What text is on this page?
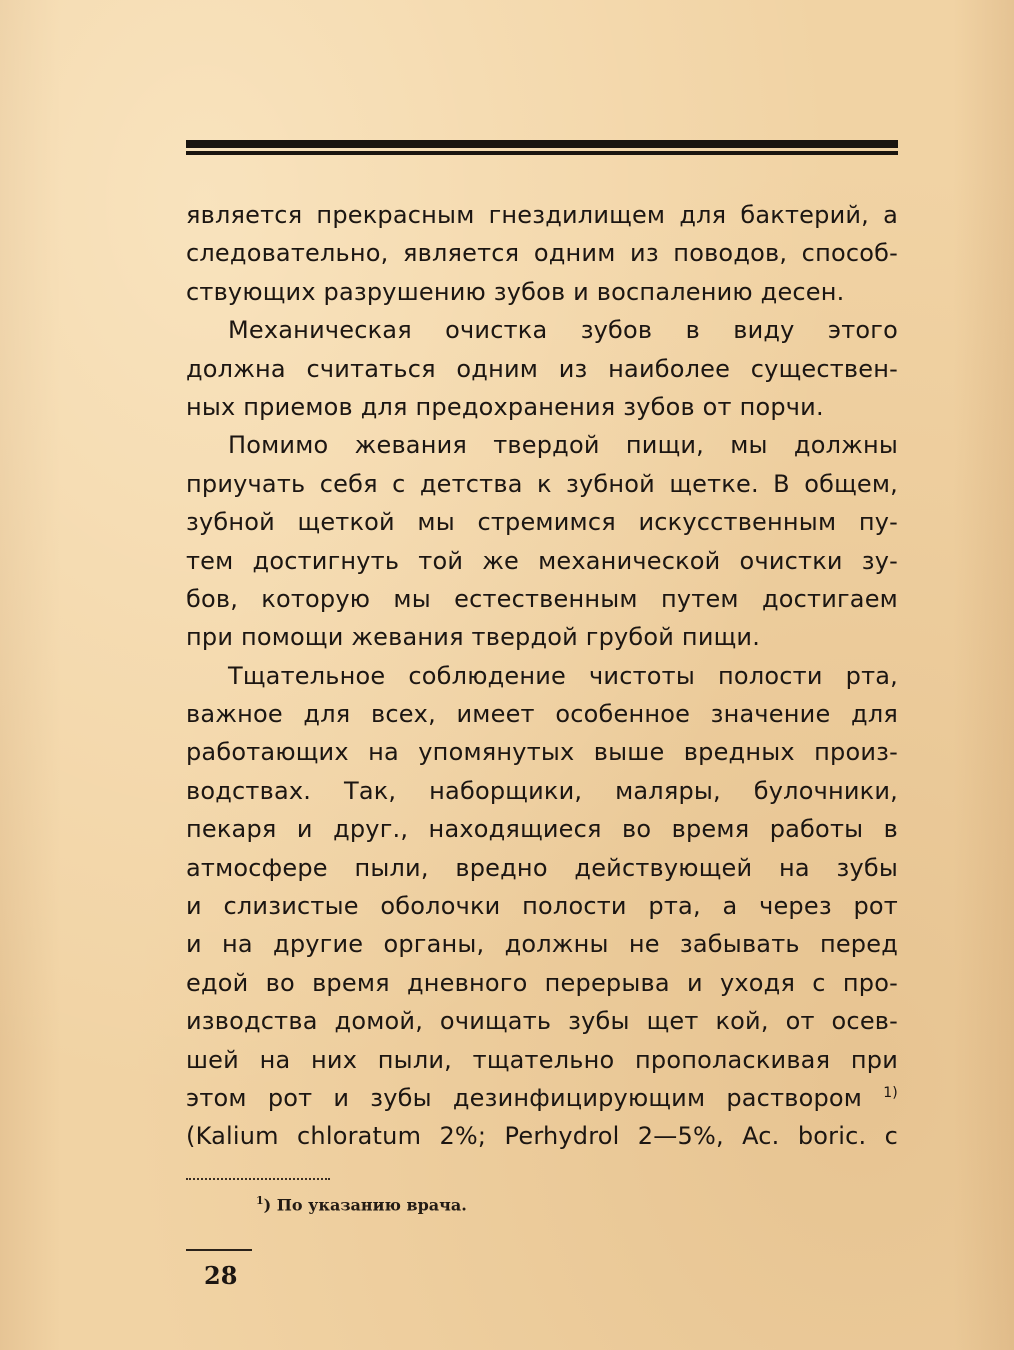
является прекрасным гнездилищем для бактерий, а
следовательно, является одним из поводов, способ-
ствующих разрушению зубов и воспалению десен.
Механическая очистка зубов в виду этого
должна считаться одним из наиболее существен-
ных приемов для предохранения зубов от порчи.
Помимо жевания твердой пищи, мы должны
приучать себя с детства к зубной щетке. В общем,
зубной щеткой мы стремимся искусственным пу-
тем достигнуть той же механической очистки зу-
бов, которую мы естественным путем достигаем
при помощи жевания твердой грубой пищи.
Тщательное соблюдение чистоты полости рта,
важное для всех, имеет особенное значение для
работающих на упомянутых выше вредных произ-
водствах. Так, наборщики, маляры, булочники,
пекаря и друг., находящиеся во время работы в
атмосфере пыли, вредно действующей на зубы
и слизистые оболочки полости рта, а через рот
и на другие органы, должны не забывать перед
едой во время дневного перерыва и уходя с про-
изводства домой, очищать зубы щет кой, от осев-
шей на них пыли, тщательно прополаскивая при
этом рот и зубы дезинфицирующим раствором $^{1)}$
(Kalium chloratum 2%; Perhydrol 2—5%, Ac. boric. с
$^1$) По указанию врача.
28
